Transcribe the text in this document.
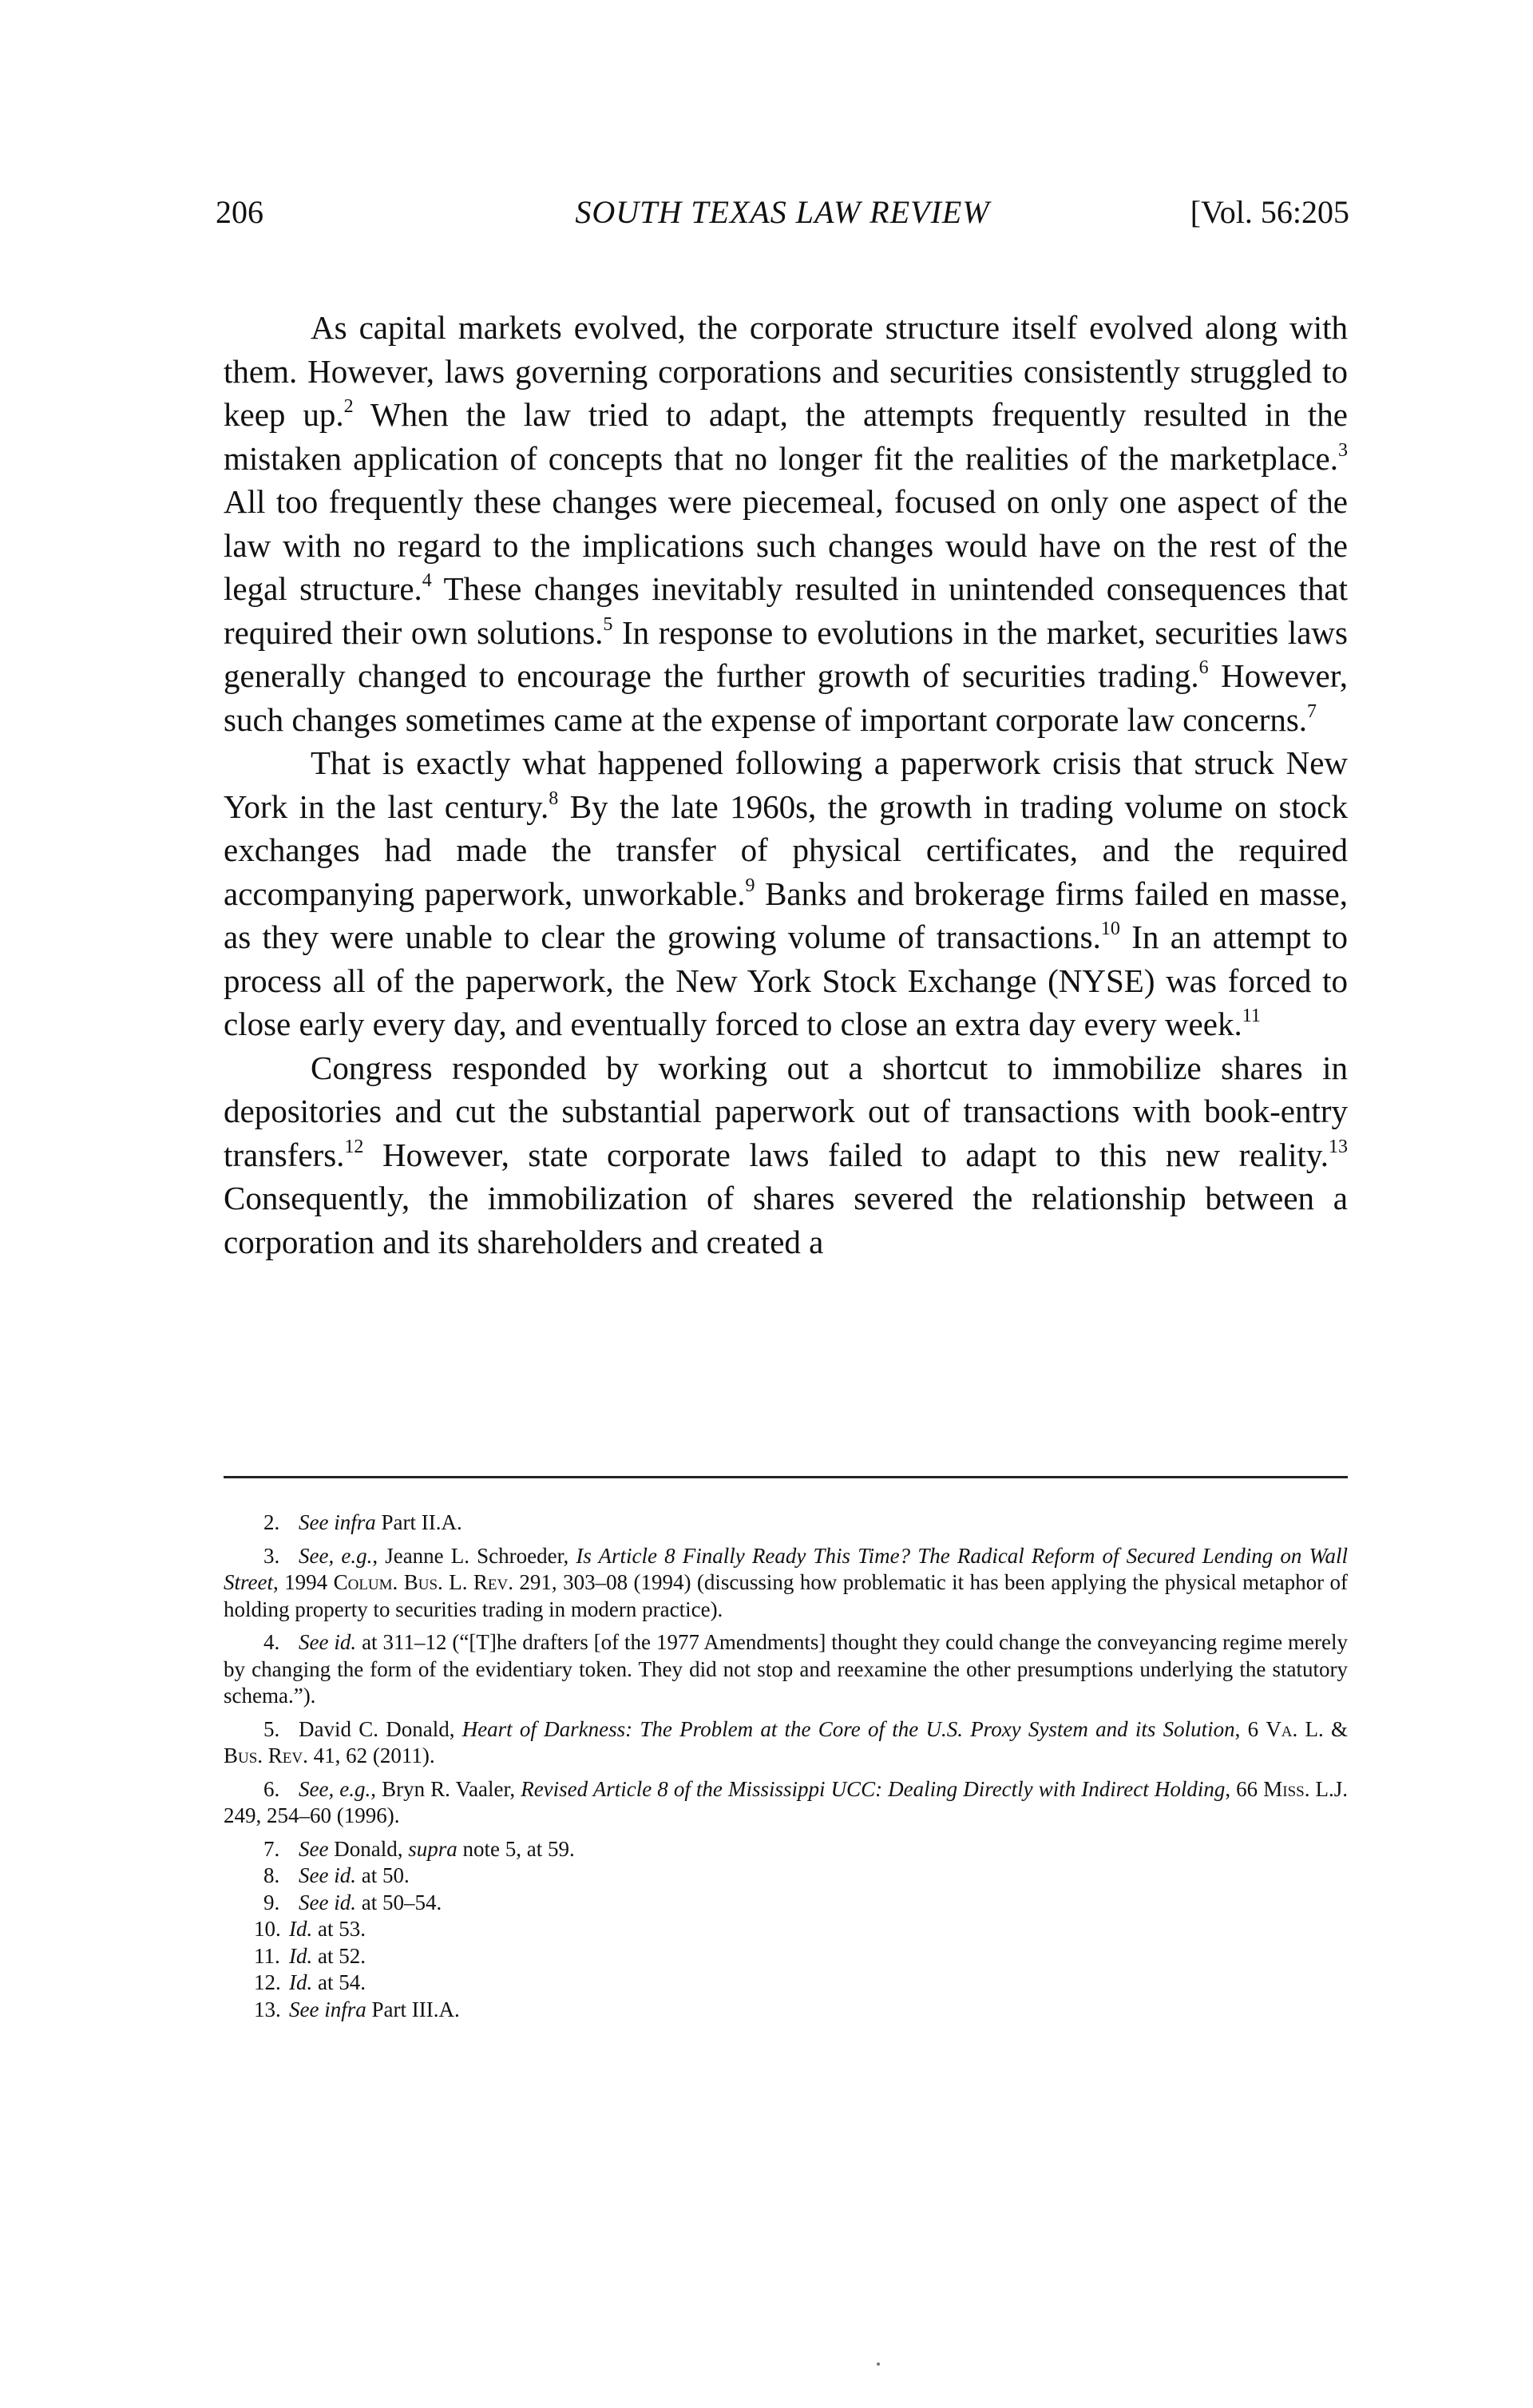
206	SOUTH TEXAS LAW REVIEW	[Vol. 56:205

As capital markets evolved, the corporate structure itself evolved along with them. However, laws governing corporations and securities consistently struggled to keep up.$^2$ When the law tried to adapt, the attempts frequently resulted in the mistaken application of concepts that no longer fit the realities of the marketplace.$^3$ All too frequently these changes were piecemeal, focused on only one aspect of the law with no regard to the implications such changes would have on the rest of the legal structure.$^4$ These changes inevitably resulted in unintended consequences that required their own solutions.$^5$ In response to evolutions in the market, securities laws generally changed to encourage the further growth of securities trading.$^6$ However, such changes sometimes came at the expense of important corporate law concerns.$^7$

That is exactly what happened following a paperwork crisis that struck New York in the last century.$^8$ By the late 1960s, the growth in trading volume on stock exchanges had made the transfer of physical certificates, and the required accompanying paperwork, unworkable.$^9$ Banks and brokerage firms failed en masse, as they were unable to clear the growing volume of transactions.$^{10}$ In an attempt to process all of the paperwork, the New York Stock Exchange (NYSE) was forced to close early every day, and eventually forced to close an extra day every week.$^{11}$

Congress responded by working out a shortcut to immobilize shares in depositories and cut the substantial paperwork out of transactions with book-entry transfers.$^{12}$ However, state corporate laws failed to adapt to this new reality.$^{13}$ Consequently, the immobilization of shares severed the relationship between a corporation and its shareholders and created a

2. See infra Part II.A.

3. See, e.g., Jeanne L. Schroeder, Is Article 8 Finally Ready This Time? The Radical Reform of Secured Lending on Wall Street, 1994 Colum. Bus. L. Rev. 291, 303–08 (1994) (discussing how problematic it has been applying the physical metaphor of holding property to securities trading in modern practice).

4. See id. at 311–12 (“[T]he drafters [of the 1977 Amendments] thought they could change the conveyancing regime merely by changing the form of the evidentiary token. They did not stop and reexamine the other presumptions underlying the statutory schema.”).

5. David C. Donald, Heart of Darkness: The Problem at the Core of the U.S. Proxy System and its Solution, 6 Va. L. & Bus. Rev. 41, 62 (2011).

6. See, e.g., Bryn R. Vaaler, Revised Article 8 of the Mississippi UCC: Dealing Directly with Indirect Holding, 66 Miss. L.J. 249, 254–60 (1996).

7. See Donald, supra note 5, at 59.

8. See id. at 50.

9. See id. at 50–54.

10. Id. at 53.

11. Id. at 52.

12. Id. at 54.

13. See infra Part III.A.
